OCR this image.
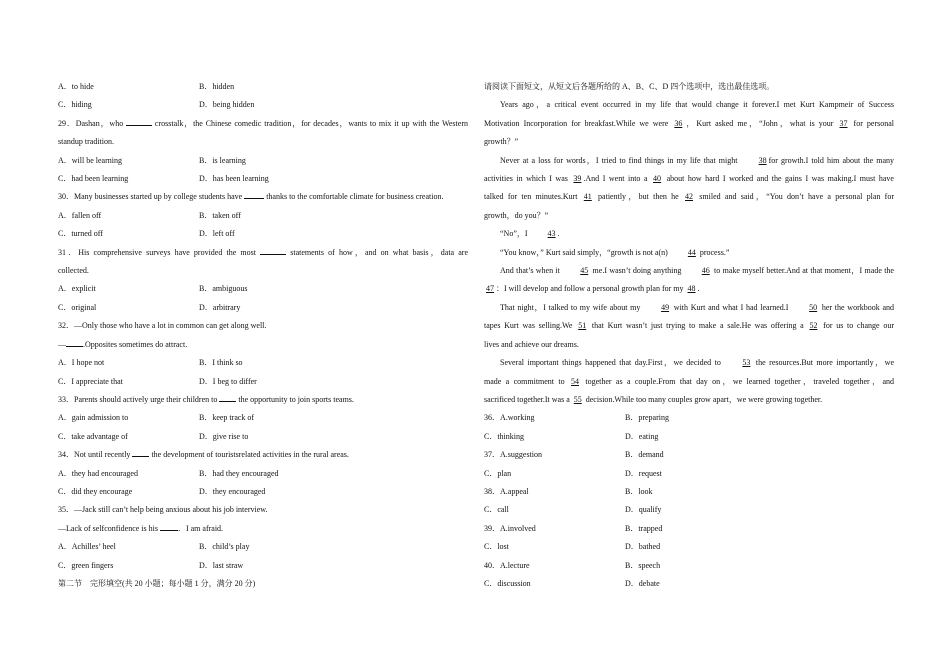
A．to hide	B．hidden
C．hiding	D．being hidden
29．Dashan，who	crosstalk，the Chinese comedic tradition，for decades，wants to mix it up with the Western
standup tradition.
A．will be learning	B．is learning
C．had been learning	D．has been learning
30．Many businesses started up by college students have	thanks to the comfortable climate for business creation.
A．fallen off	B．taken off
C．turned off	D．left off
31．His comprehensive surveys have provided the most	statements of how，and on what basis，data are
collected.
A．explicit	B．ambiguous
C．original	D．arbitrary
32．—Only those who have a lot in common can get along well.
— .Opposites sometimes do attract.
A．I hope not	B．I think so
C．I appreciate that	D．I beg to differ
33．Parents should actively urge their children to  the opportunity to join sports teams.
A．gain admission to	B．keep track of
C．take advantage of	D．give rise to
34．Not until recently  the development of touristsrelated activities in the rural areas.
A．they had encouraged	B．had they encouraged
C．did they encourage	D．they encouraged
35．—Jack still can’t help being anxious about his job interview.
—Lack of selfconfidence is his ．I am afraid.
A．Achilles’ heel	B．child’s play
C．green fingers	D．last straw
第二节　完形填空(共 20 小题；每小题 1 分，满分 20 分)
请阅读下面短文，从短文后各题所给的 A、B、C、D 四个选项中，选出最佳选项。
Years ago，a critical event occurred in my life that would change it forever.I met Kurt Kampmeir of Success
Motivation Incorporation for breakfast.While we were 36 ，Kurt asked me，“John，what is your 37 for personal
growth？”
Never at a loss for words，I tried to find things in my life that might 38 for growth.I told him about the many
activities in which I was 39 .And I went into a 40 about how hard I worked and the gains I was making.I must have
talked for ten minutes.Kurt 41 patiently，but then he 42 smiled and said，“You don’t have a personal plan for
growth，do you？”
“No”，I 43 .
“You know，” Kurt said simply，“growth is not a(n) 44 process.”
And that’s when it 45 me.I wasn’t doing anything 46 to make myself better.And at that moment，I made the
47 ：I will develop and follow a personal growth plan for my 48 .
That night，I talked to my wife about my 49 with Kurt and what I had learned.I 50 her the workbook and
tapes Kurt was selling.We 51 that Kurt wasn’t just trying to make a sale.He was offering a 52 for us to change our
lives and achieve our dreams.
Several important things happened that day.First，we decided to 53 the resources.But more importantly，we
made a commitment to 54 together as a couple.From that day on，we learned together，traveled together，and
sacrificed together.It was a 55 decision.While too many couples grow apart，we were growing together.
36．A.working	B．preparing
C．thinking	D．eating
37．A.suggestion	B．demand
C．plan	D．request
38．A.appeal	B．look
C．call	D．qualify
39．A.involved	B．trapped
C．lost	D．bathed
40．A.lecture	B．speech
C．discussion	D．debate
